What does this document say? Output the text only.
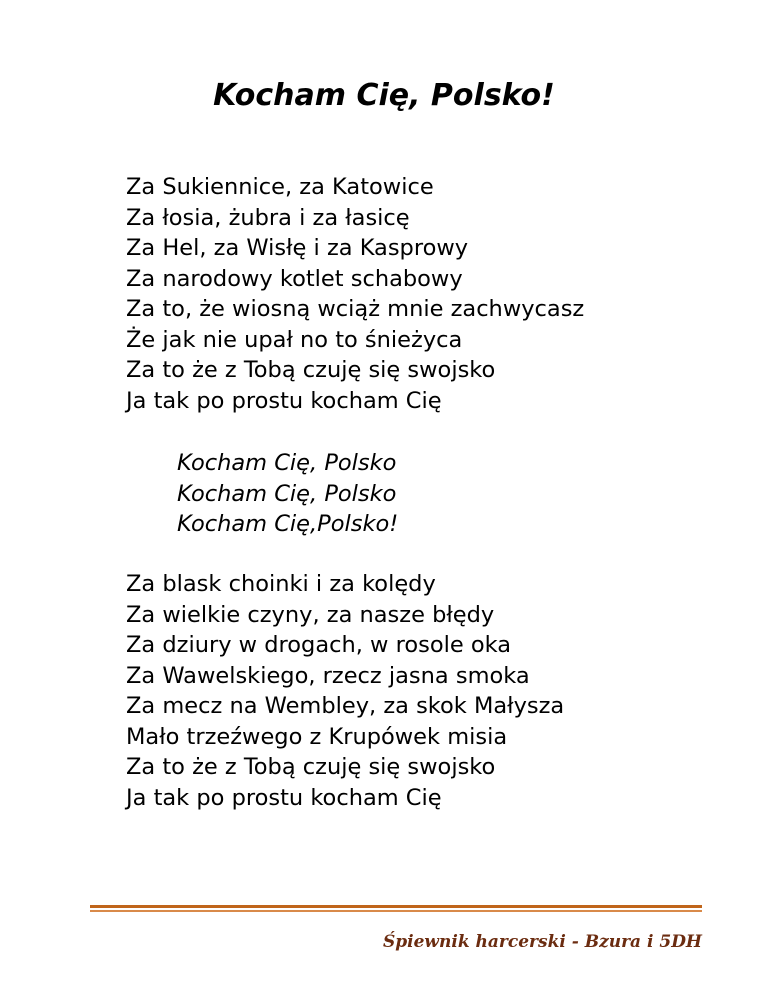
Kocham Cię, Polsko!
Za Sukiennice, za Katowice
Za łosia, żubra i za łasicę
Za Hel, za Wisłę i za Kasprowy
Za narodowy kotlet schabowy
Za to, że wiosną wciąż mnie zachwycasz
Że jak nie upał no to śnieżyca
Za to że z Tobą czuję się swojsko
Ja tak po prostu kocham Cię
Kocham Cię, Polsko
Kocham Cię, Polsko
Kocham Cię,Polsko!
Za blask choinki i za kolędy
Za wielkie czyny, za nasze błędy
Za dziury w drogach, w rosole oka
Za Wawelskiego, rzecz jasna smoka
Za mecz na Wembley, za skok Małysza
Mało trzeźwego z Krupówek misia
Za to że z Tobą czuję się swojsko
Ja tak po prostu kocham Cię
Śpiewnik harcerski - Bzura i 5DH
